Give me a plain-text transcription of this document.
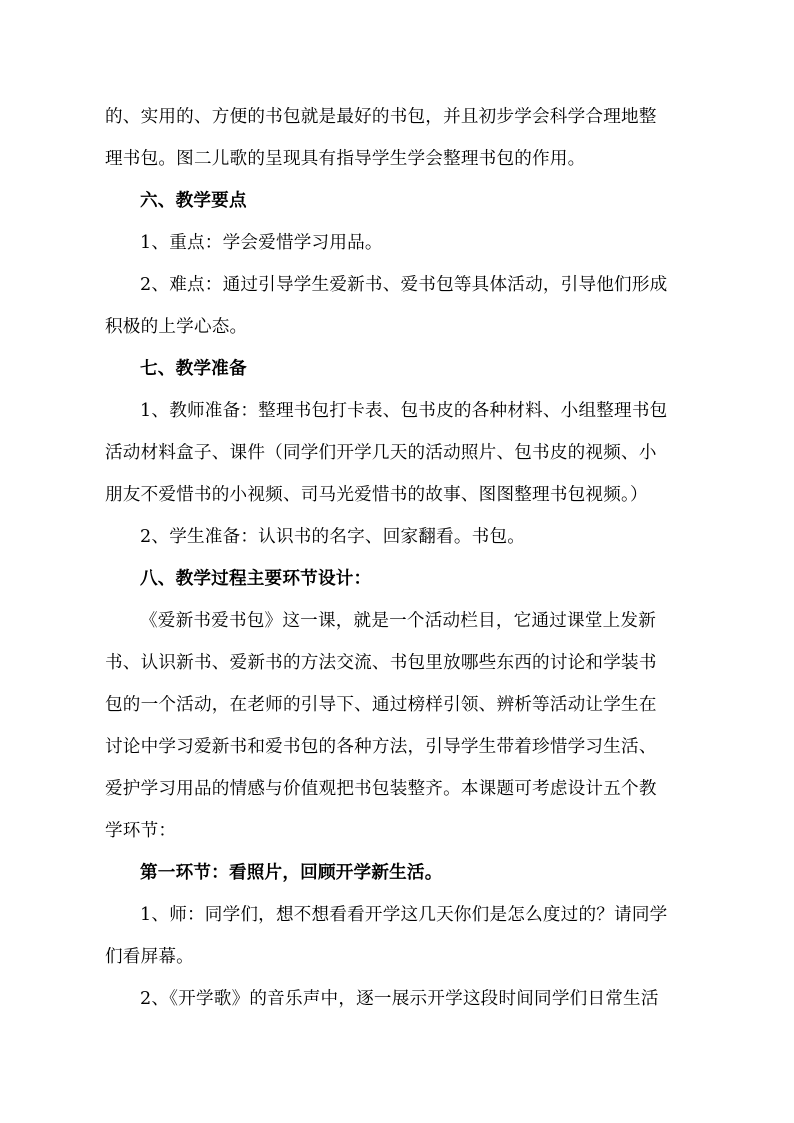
的、实用的、方便的书包就是最好的书包，并且初步学会科学合理地整
理书包。图二儿歌的呈现具有指导学生学会整理书包的作用。
六、教学要点
1、重点：学会爱惜学习用品。
2、难点：通过引导学生爱新书、爱书包等具体活动，引导他们形成
积极的上学心态。
七、教学准备
1、教师准备：整理书包打卡表、包书皮的各种材料、小组整理书包
活动材料盒子、课件（同学们开学几天的活动照片、包书皮的视频、小
朋友不爱惜书的小视频、司马光爱惜书的故事、图图整理书包视频。）
2、学生准备：认识书的名字、回家翻看。书包。
八、教学过程主要环节设计：
《爱新书爱书包》这一课，就是一个活动栏目，它通过课堂上发新
书、认识新书、爱新书的方法交流、书包里放哪些东西的讨论和学装书
包的一个活动，在老师的引导下、通过榜样引领、辨析等活动让学生在
讨论中学习爱新书和爱书包的各种方法，引导学生带着珍惜学习生活、
爱护学习用品的情感与价值观把书包装整齐。本课题可考虑设计五个教
学环节：
第一环节：看照片，回顾开学新生活。
1、师：同学们，想不想看看开学这几天你们是怎么度过的？请同学
们看屏幕。
2、《开学歌》的音乐声中，逐一展示开学这段时间同学们日常生活
